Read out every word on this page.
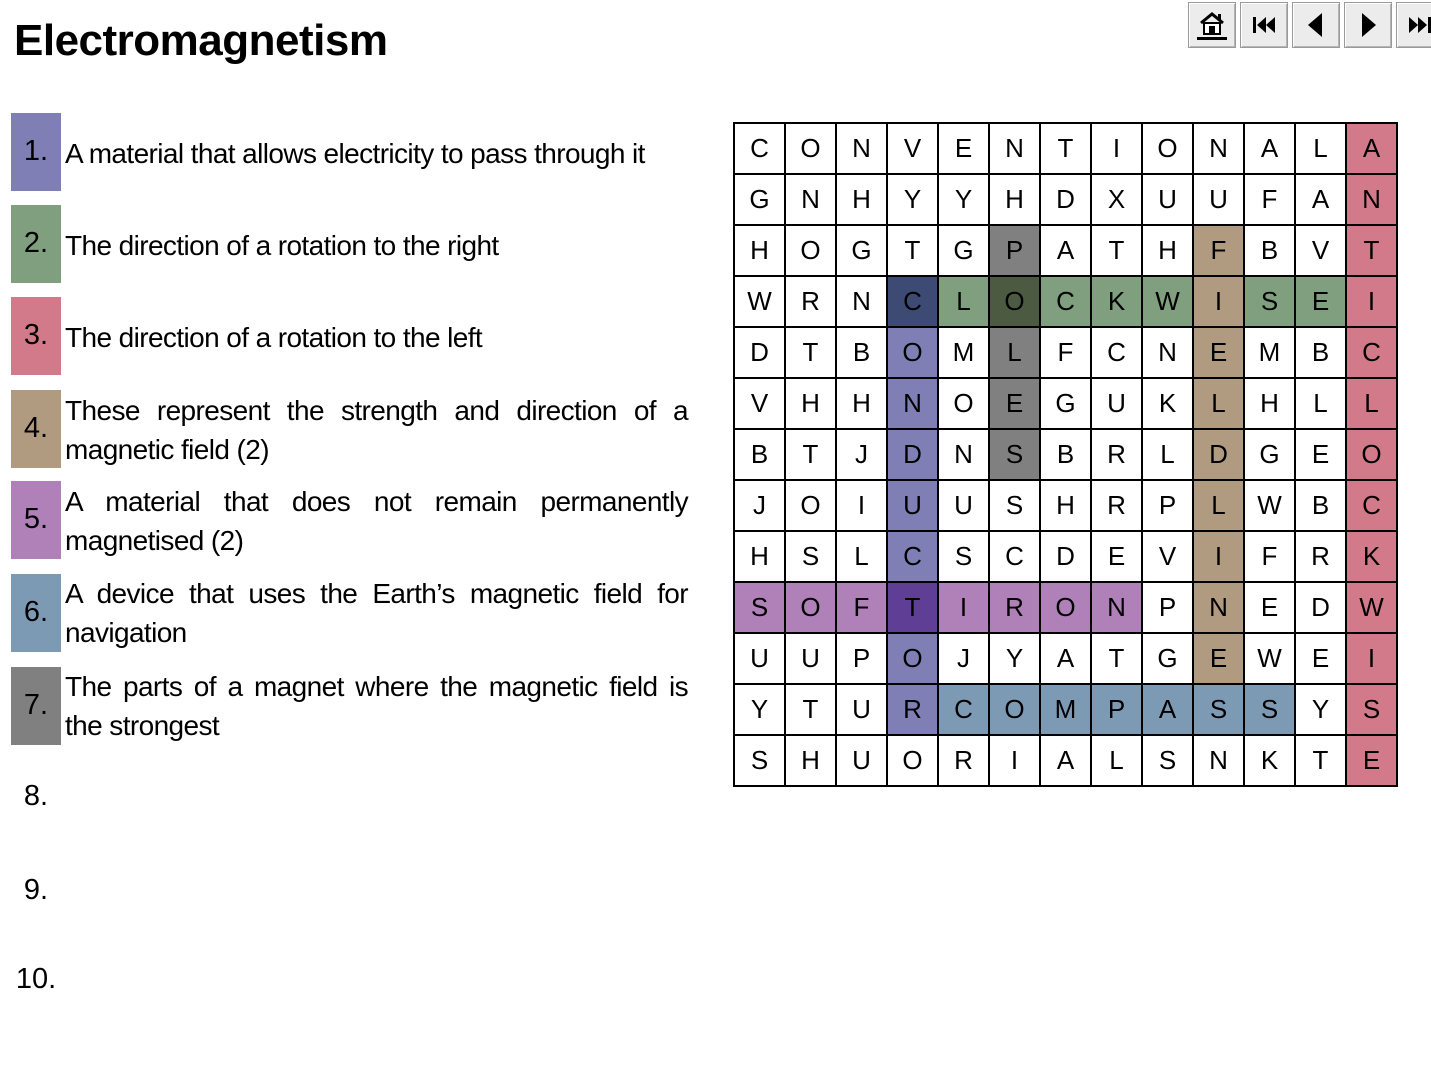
Electromagnetism
1. A material that allows electricity to pass through it
2. The direction of a rotation to the right
3. The direction of a rotation to the left
4.
These represent the strength and direction of a magnetic field (2)
5.
A material that does not remain permanently magnetised (2)
6.
A device that uses the Earth’s magnetic field for navigation
7.
The parts of a magnet where the magnetic field is the strongest
8.
9.
10.
C	O	N	V	E	N	T	I	O	N	A	L	A
G	N	H	Y	Y	H	D	X	U	U	F	A	N
H	O	G	T	G	P	A	T	H	F	B	V	T
W	R	N	C	L	O	C	K	W	I	S	E	I
D	T	B	O	M	L	F	C	N	E	M	B	C
V	H	H	N	O	E	G	U	K	L	H	L	L
B	T	J	D	N	S	B	R	L	D	G	E	O
J	O	I	U	U	S	H	R	P	L	W	B	C
H	S	L	C	S	C	D	E	V	I	F	R	K
S	O	F	T	I	R	O	N	P	N	E	D	W
U	U	P	O	J	Y	A	T	G	E	W	E	I
Y	T	U	R	C	O	M	P	A	S	S	Y	S
S	H	U	O	R	I	A	L	S	N	K	T	E
